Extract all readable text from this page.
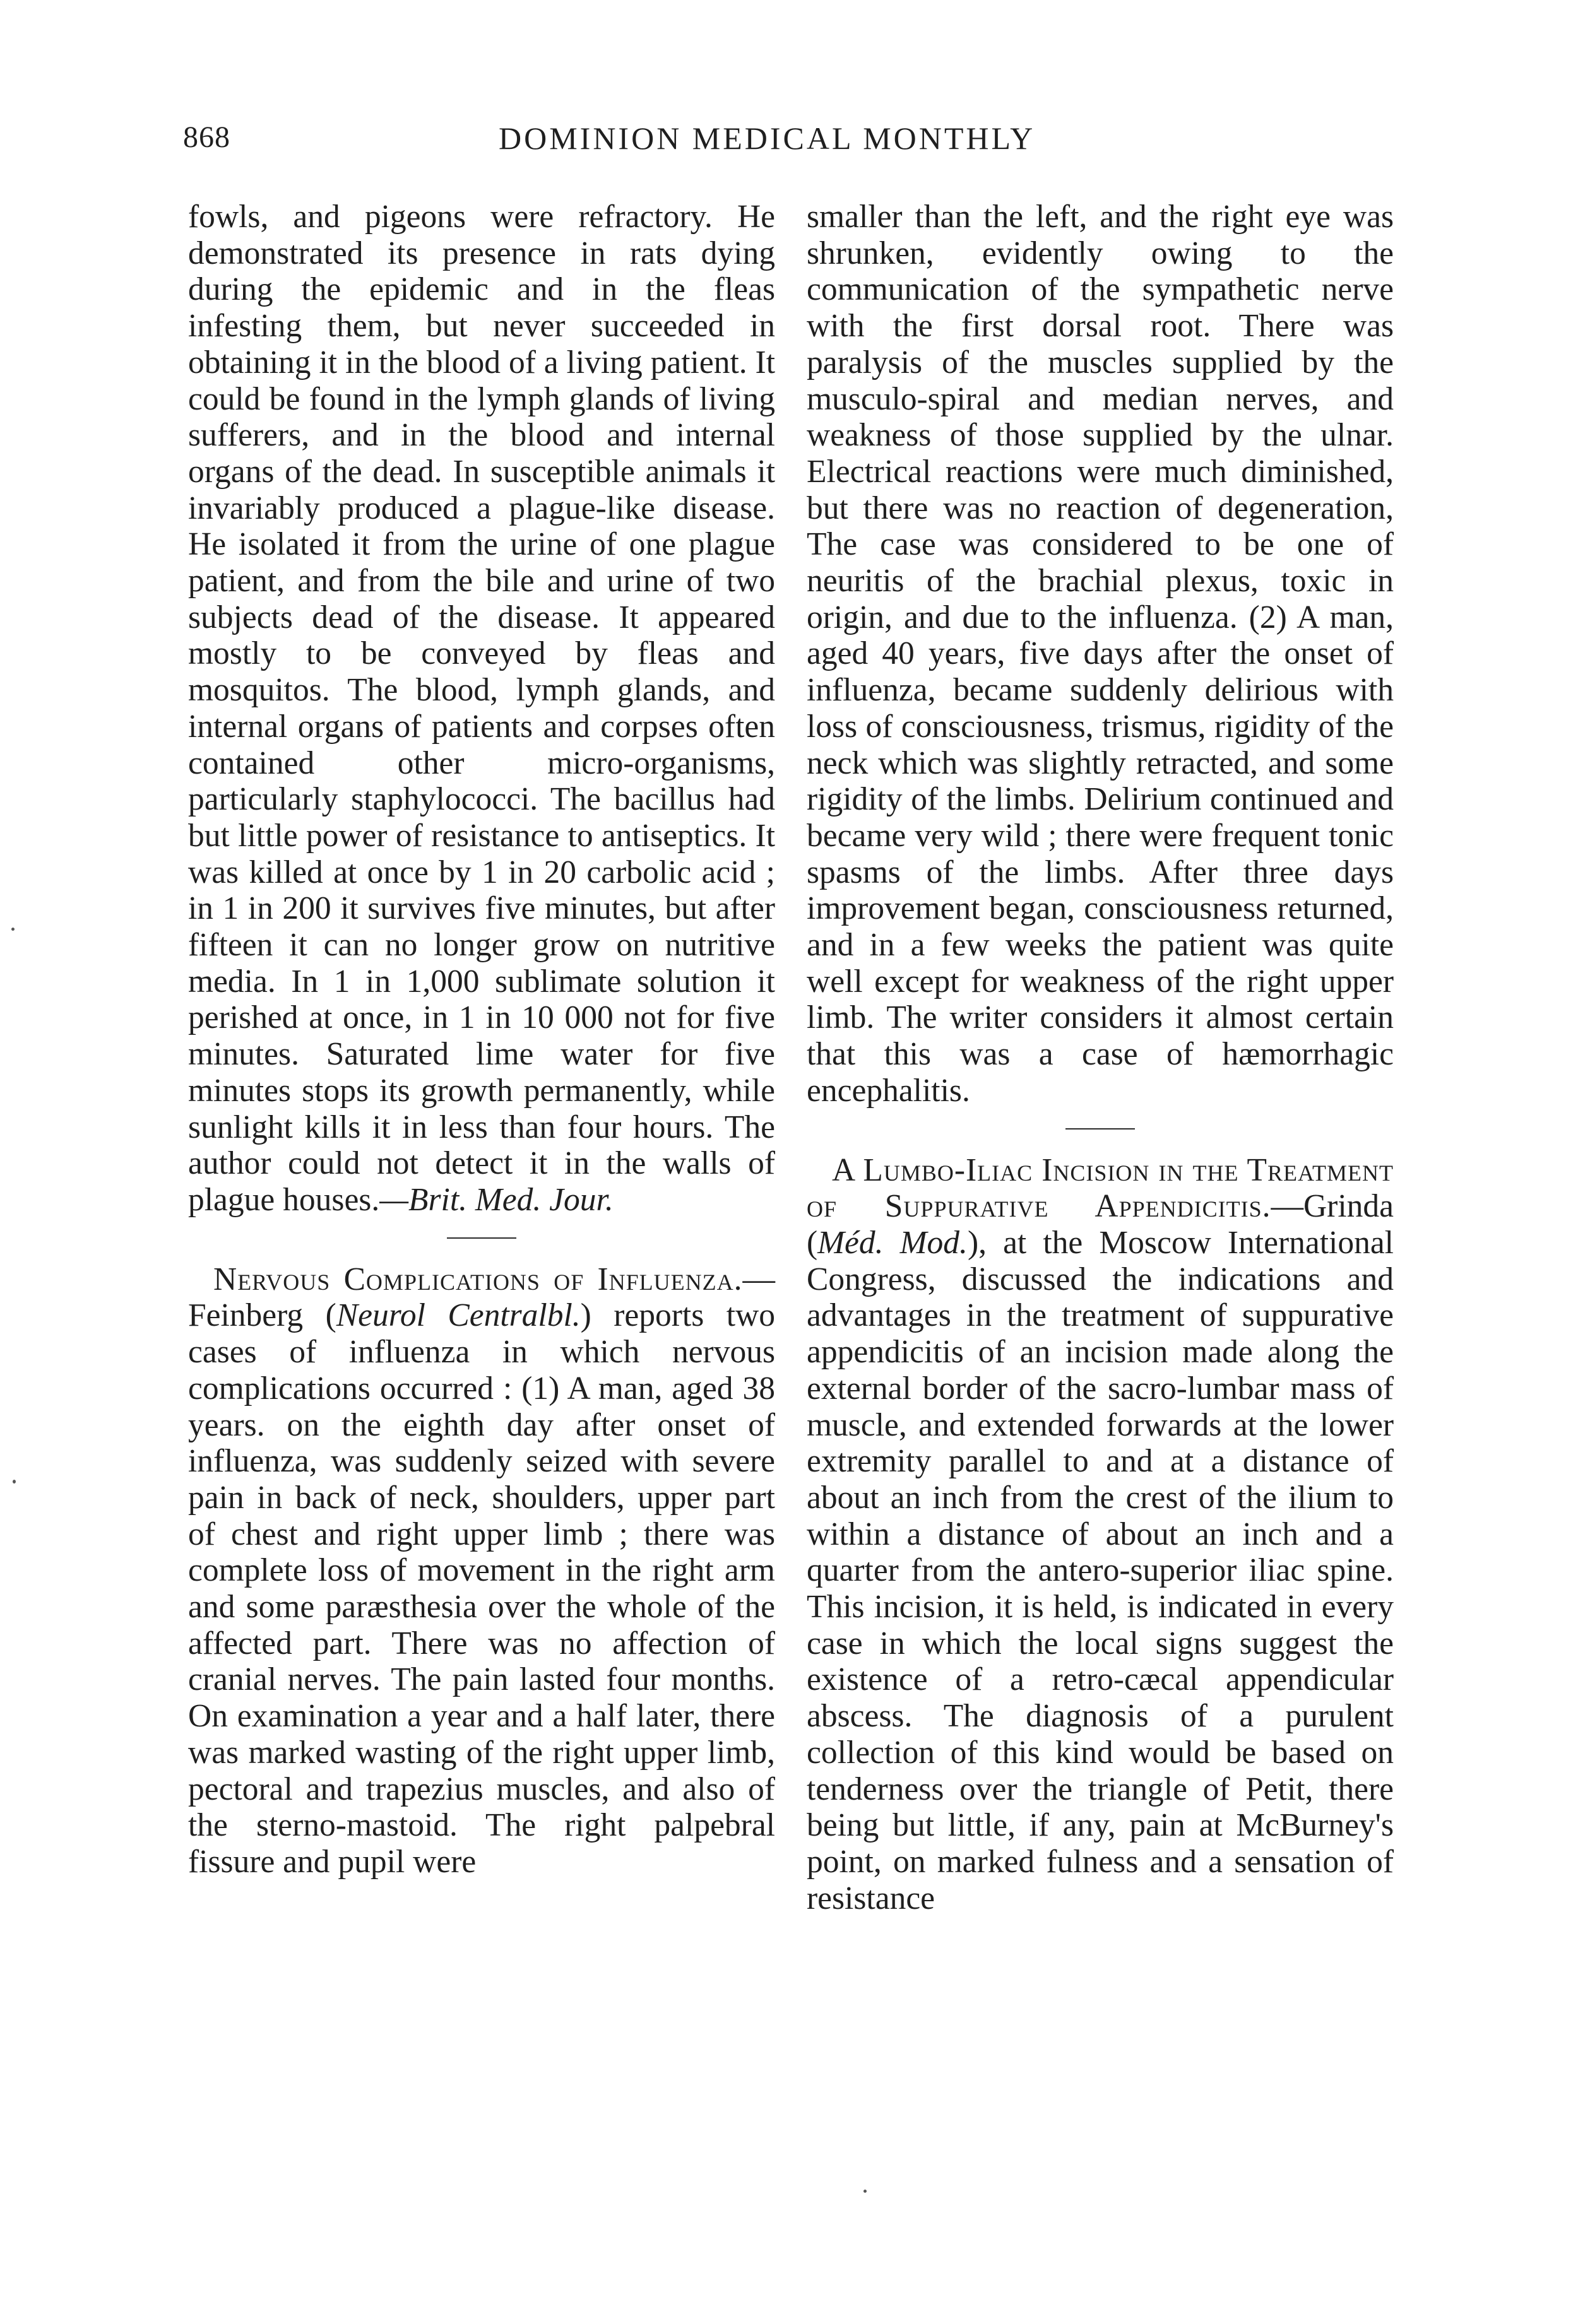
868	DOMINION MEDICAL MONTHLY

fowls, and pigeons were refractory. He demonstrated its presence in rats dying during the epidemic and in the fleas infesting them, but never succeeded in obtaining it in the blood of a living patient. It could be found in the lymph glands of living sufferers, and in the blood and internal organs of the dead. In susceptible animals it invariably produced a plague-like disease. He isolated it from the urine of one plague patient, and from the bile and urine of two subjects dead of the disease. It appeared mostly to be conveyed by fleas and mosquitos. The blood, lymph glands, and internal organs of patients and corpses often contained other micro-organisms, particularly staphylococci. The bacillus had but little power of resistance to antiseptics. It was killed at once by 1 in 20 carbolic acid ; in 1 in 200 it survives five minutes, but after fifteen it can no longer grow on nutritive media. In 1 in 1,000 sublimate solution it perished at once, in 1 in 10 000 not for five minutes. Saturated lime water for five minutes stops its growth permanently, while sunlight kills it in less than four hours. The author could not detect it in the walls of plague houses.—Brit. Med. Jour.

Nervous Complications of Influenza.—Feinberg (Neurol Centralbl.) reports two cases of influenza in which nervous complications occurred : (1) A man, aged 38 years. on the eighth day after onset of influenza, was suddenly seized with severe pain in back of neck, shoulders, upper part of chest and right upper limb ; there was complete loss of movement in the right arm and some paræsthesia over the whole of the affected part. There was no affection of cranial nerves. The pain lasted four months. On examination a year and a half later, there was marked wasting of the right upper limb, pectoral and trapezius muscles, and also of the sterno-mastoid. The right palpebral fissure and pupil were

smaller than the left, and the right eye was shrunken, evidently owing to the communication of the sympathetic nerve with the first dorsal root. There was paralysis of the muscles supplied by the musculo-spiral and median nerves, and weakness of those supplied by the ulnar. Electrical reactions were much diminished, but there was no reaction of degeneration, The case was considered to be one of neuritis of the brachial plexus, toxic in origin, and due to the influenza. (2) A man, aged 40 years, five days after the onset of influenza, became suddenly delirious with loss of consciousness, trismus, rigidity of the neck which was slightly retracted, and some rigidity of the limbs. Delirium continued and became very wild ; there were frequent tonic spasms of the limbs. After three days improvement began, consciousness returned, and in a few weeks the patient was quite well except for weakness of the right upper limb. The writer considers it almost certain that this was a case of hæmorrhagic encephalitis.

A Lumbo-Iliac Incision in the Treatment of Suppurative Appendicitis.—Grinda (Méd. Mod.), at the Moscow International Congress, discussed the indications and advantages in the treatment of suppurative appendicitis of an incision made along the external border of the sacro-lumbar mass of muscle, and extended forwards at the lower extremity parallel to and at a distance of about an inch from the crest of the ilium to within a distance of about an inch and a quarter from the antero-superior iliac spine. This incision, it is held, is indicated in every case in which the local signs suggest the existence of a retro-cæcal appendicular abscess. The diagnosis of a purulent collection of this kind would be based on tenderness over the triangle of Petit, there being but little, if any, pain at McBurney's point, on marked fulness and a sensation of resistance
